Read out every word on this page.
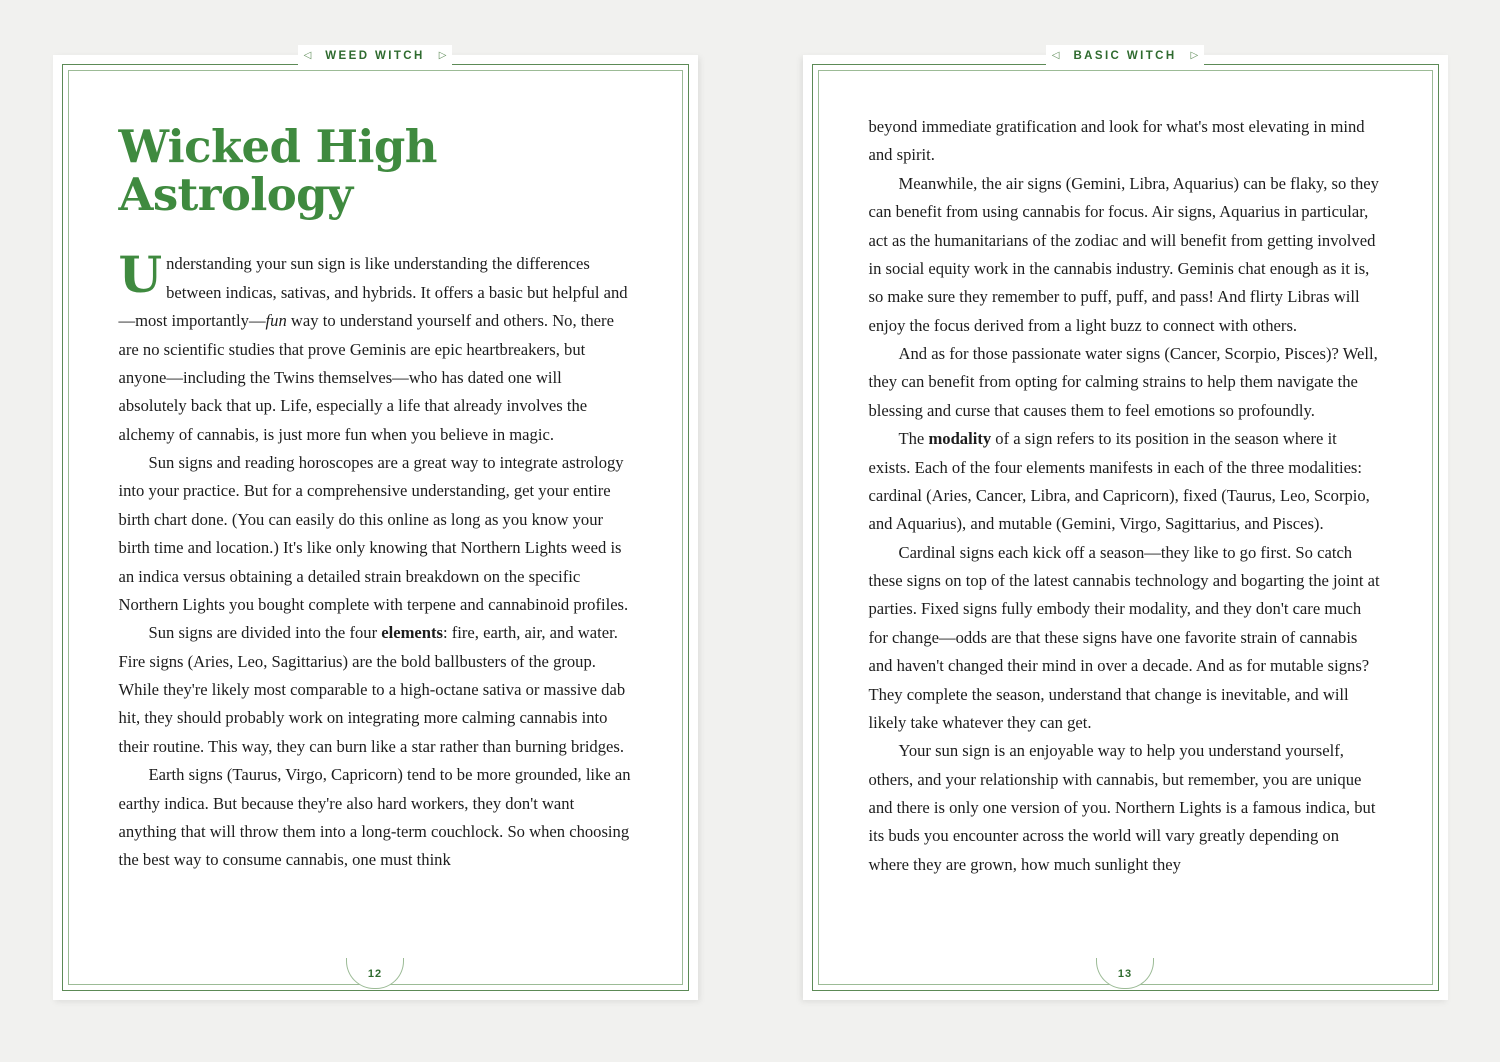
◁ WEED WITCH ▷
Wicked High
Astrology

Understanding your sun sign is like understanding the differences between indicas, sativas, and hybrids. It offers a basic but helpful and—most importantly—fun way to understand yourself and others. No, there are no scientific studies that prove Geminis are epic heartbreakers, but anyone—including the Twins themselves—who has dated one will absolutely back that up. Life, especially a life that already involves the alchemy of cannabis, is just more fun when you believe in magic.

Sun signs and reading horoscopes are a great way to integrate astrology into your practice. But for a comprehensive understanding, get your entire birth chart done. (You can easily do this online as long as you know your birth time and location.) It's like only knowing that Northern Lights weed is an indica versus obtaining a detailed strain breakdown on the specific Northern Lights you bought complete with terpene and cannabinoid profiles.

Sun signs are divided into the four elements: fire, earth, air, and water. Fire signs (Aries, Leo, Sagittarius) are the bold ballbusters of the group. While they're likely most comparable to a high-octane sativa or massive dab hit, they should probably work on integrating more calming cannabis into their routine. This way, they can burn like a star rather than burning bridges.

Earth signs (Taurus, Virgo, Capricorn) tend to be more grounded, like an earthy indica. But because they're also hard workers, they don't want anything that will throw them into a long-term couchlock. So when choosing the best way to consume cannabis, one must think

12
◁ BASIC WITCH ▷

beyond immediate gratification and look for what's most elevating in mind and spirit.

Meanwhile, the air signs (Gemini, Libra, Aquarius) can be flaky, so they can benefit from using cannabis for focus. Air signs, Aquarius in particular, act as the humanitarians of the zodiac and will benefit from getting involved in social equity work in the cannabis industry. Geminis chat enough as it is, so make sure they remember to puff, puff, and pass! And flirty Libras will enjoy the focus derived from a light buzz to connect with others.

And as for those passionate water signs (Cancer, Scorpio, Pisces)? Well, they can benefit from opting for calming strains to help them navigate the blessing and curse that causes them to feel emotions so profoundly.

The modality of a sign refers to its position in the season where it exists. Each of the four elements manifests in each of the three modalities: cardinal (Aries, Cancer, Libra, and Capricorn), fixed (Taurus, Leo, Scorpio, and Aquarius), and mutable (Gemini, Virgo, Sagittarius, and Pisces).

Cardinal signs each kick off a season—they like to go first. So catch these signs on top of the latest cannabis technology and bogarting the joint at parties. Fixed signs fully embody their modality, and they don't care much for change—odds are that these signs have one favorite strain of cannabis and haven't changed their mind in over a decade. And as for mutable signs? They complete the season, understand that change is inevitable, and will likely take whatever they can get.

Your sun sign is an enjoyable way to help you understand yourself, others, and your relationship with cannabis, but remember, you are unique and there is only one version of you. Northern Lights is a famous indica, but its buds you encounter across the world will vary greatly depending on where they are grown, how much sunlight they

13
